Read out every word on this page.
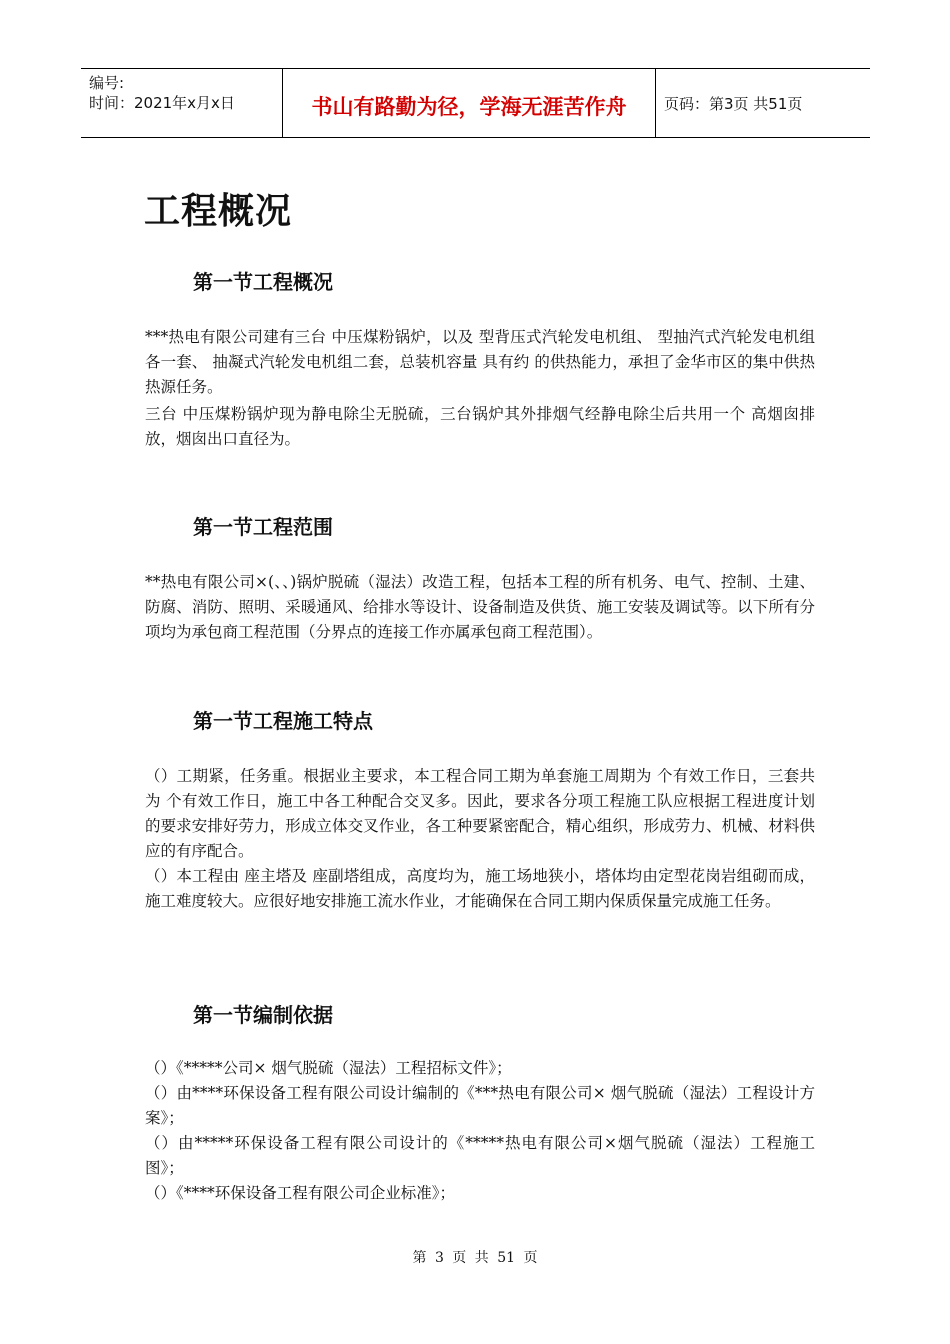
编号:
时间：2021年x月x日	书山有路勤为径，学海无涯苦作舟	页码：第3页 共51页
工程概况
第一节工程概况

***热电有限公司建有三台 中压煤粉锅炉，以及 型背压式汽轮发电机组、 型抽汽式汽轮发电机组各一套、 抽凝式汽轮发电机组二套，总装机容量 具有约 的供热能力，承担了金华市区的集中供热热源任务。

三台 中压煤粉锅炉现为静电除尘无脱硫，三台锅炉其外排烟气经静电除尘后共用一个 高烟囱排放，烟囱出口直径为。

第一节工程范围

**热电有限公司×(、、)锅炉脱硫（湿法）改造工程，包括本工程的所有机务、电气、控制、土建、防腐、消防、照明、采暖通风、给排水等设计、设备制造及供货、施工安装及调试等。以下所有分项均为承包商工程范围（分界点的连接工作亦属承包商工程范围）。

第一节工程施工特点

（）工期紧，任务重。根据业主要求，本工程合同工期为单套施工周期为 个有效工作日，三套共为 个有效工作日，施工中各工种配合交叉多。因此，要求各分项工程施工队应根据工程进度计划的要求安排好劳力，形成立体交叉作业，各工种要紧密配合，精心组织，形成劳力、机械、材料供应的有序配合。

（）本工程由 座主塔及 座副塔组成，高度均为，施工场地狭小，塔体均由定型花岗岩组砌而成，施工难度较大。应很好地安排施工流水作业，才能确保在合同工期内保质保量完成施工任务。

第一节编制依据

（）《*****公司× 烟气脱硫（湿法）工程招标文件》；

（）由****环保设备工程有限公司设计编制的《***热电有限公司× 烟气脱硫（湿法）工程设计方案》；

（）由*****环保设备工程有限公司设计的《*****热电有限公司×烟气脱硫（湿法）工程施工图》；

（）《****环保设备工程有限公司企业标准》；

第 3 页 共 51 页
